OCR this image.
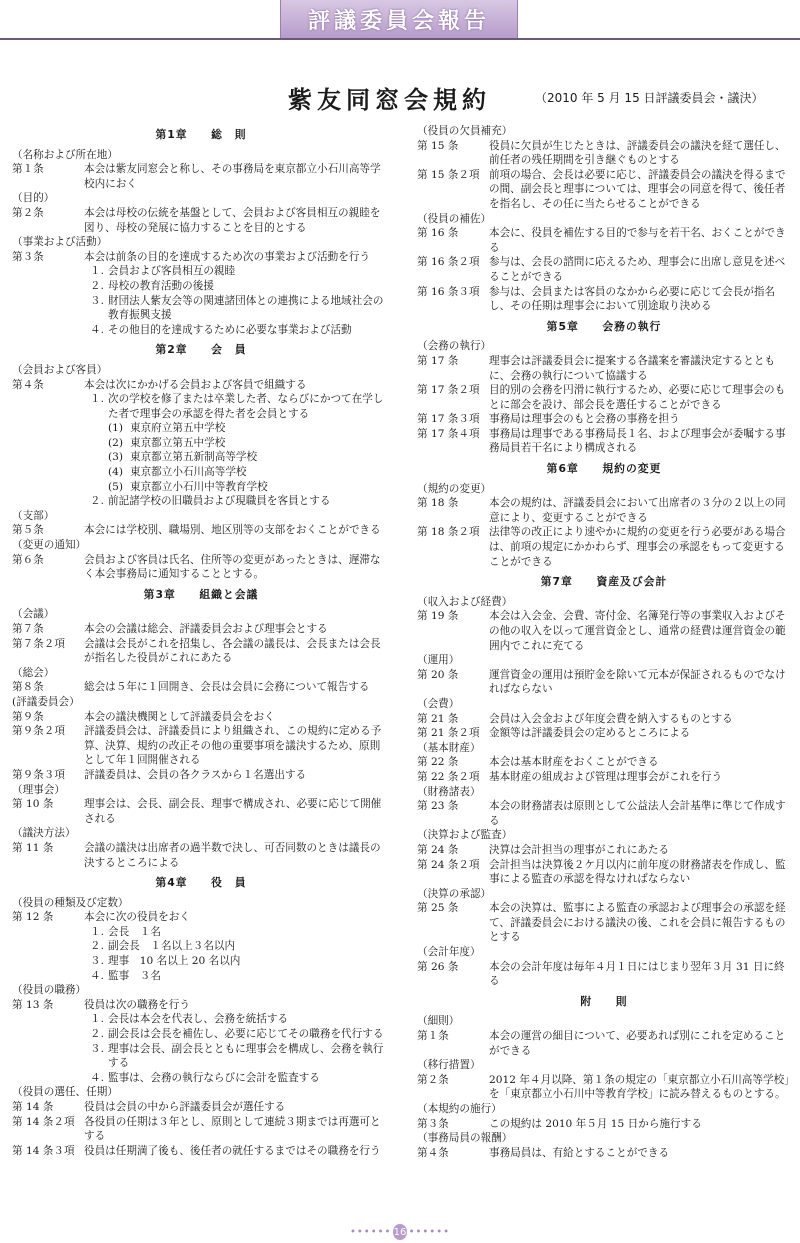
評議委員会報告
紫友同窓会規約	（2010 年 5 月 15 日評議委員会・議決）
第1章　　総　則
（名称および所在地）
第１条	本会は紫友同窓会と称し、その事務局を東京都立小石川高等学校内におく
（目的）
第２条	本会は母校の伝統を基盤として、会員および客員相互の親睦を図り、母校の発展に協力することを目的とする
（事業および活動）
第３条	本会は前条の目的を達成するため次の事業および活動を行う
１. 会員および客員相互の親睦
２. 母校の教育活動の後援
３. 財団法人紫友会等の関連諸団体との連携による地域社会の教育振興支援
４. その他目的を達成するために必要な事業および活動
第2章　　会　員
（会員および客員）
第４条	本会は次にかかげる会員および客員で組織する
１. 次の学校を修了または卒業した者、ならびにかつて在学した者で理事会の承認を得た者を会員とする
(1) 東京府立第五中学校
(2) 東京都立第五中学校
(3) 東京都立第五新制高等学校
(4) 東京都立小石川高等学校
(5) 東京都立小石川中等教育学校
２. 前記諸学校の旧職員および現職員を客員とする
（支部）
第５条	本会には学校別、職場別、地区別等の支部をおくことができる
（変更の通知）
第６条	会員および客員は氏名、住所等の変更があったときは、遅滞なく本会事務局に通知することとする。
第3章　　組織と会議
（会議）
第７条	本会の会議は総会、評議委員会および理事会とする
第７条２項	会議は会長がこれを招集し、各会議の議長は、会長または会長が指名した役員がこれにあたる
（総会）
第８条	総会は５年に１回開き、会長は会員に会務について報告する
(評議委員会）
第９条	本会の議決機関として評議委員会をおく
第９条２項	評議委員会は、評議委員により組織され、この規約に定める予算、決算、規約の改正その他の重要事項を議決するため、原則として年１回開催される
第９条３項	評議委員は、会員の各クラスから１名選出する
（理事会）
第 10 条	理事会は、会長、副会長、理事で構成され、必要に応じて開催される
（議決方法）
第 11 条	会議の議決は出席者の過半数で決し、可否同数のときは議長の決するところによる
第4章　　役　員
（役員の種類及び定数）
第 12 条	本会に次の役員をおく
１. 会長　１名
２. 副会長　１名以上３名以内
３. 理事　10 名以上 20 名以内
４. 監事　３名
（役員の職務）
第 13 条	役員は次の職務を行う
１. 会長は本会を代表し、会務を統括する
２. 副会長は会長を補佐し、必要に応じてその職務を代行する
３. 理事は会長、副会長とともに理事会を構成し、会務を執行する
４. 監事は、会務の執行ならびに会計を監査する
（役員の選任、任期）
第 14 条	役員は会員の中から評議委員会が選任する
第 14 条２項 各役員の任期は３年とし、原則として連続３期までは再選可とする
第 14 条３項 役員は任期満了後も、後任者の就任するまではその職務を行う
（役員の欠員補充）
第 15 条	役員に欠員が生じたときは、評議委員会の議決を経て選任し、前任者の残任期間を引き継ぐものとする
第 15 条２項 前項の場合、会長は必要に応じ、評議委員会の議決を得るまでの間、副会長と理事については、理事会の同意を得て、後任者を指名し、その任に当たらせることができる
（役員の補佐）
第 16 条	本会に、役員を補佐する目的で参与を若干名、おくことができる
第 16 条２項 参与は、会長の諮問に応えるため、理事会に出席し意見を述べることができる
第 16 条３項 参与は、会員または客員のなかから必要に応じて会長が指名し、その任期は理事会において別途取り決める
第5章　　会務の執行
（会務の執行）
第 17 条	理事会は評議委員会に提案する各議案を審議決定するとともに、会務の執行について協議する
第 17 条２項 目的別の会務を円滑に執行するため、必要に応じて理事会のもとに部会を設け、部会長を選任することができる
第 17 条３項 事務局は理事会のもと会務の事務を担う
第 17 条４項 事務局は理事である事務局長１名、および理事会が委嘱する事務局員若干名により構成される
第6章　　規約の変更
（規約の変更）
第 18 条	本会の規約は、評議委員会において出席者の３分の２以上の同意により、変更することができる
第 18 条２項 法律等の改正により速やかに規約の変更を行う必要がある場合は、前項の規定にかかわらず、理事会の承認をもって変更することができる
第7章　　資産及び会計
（収入および経費）
第 19 条	本会は入会金、会費、寄付金、名簿発行等の事業収入およびその他の収入を以って運営資金とし、通常の経費は運営資金の範囲内でこれに充てる
（運用）
第 20 条	運営資金の運用は預貯金を除いて元本が保証されるものでなければならない
（会費）
第 21 条	会員は入会金および年度会費を納入するものとする
第 21 条２項 金額等は評議委員会の定めるところによる
（基本財産）
第 22 条	本会は基本財産をおくことができる
第 22 条２項 基本財産の組成および管理は理事会がこれを行う
（財務諸表）
第 23 条	本会の財務諸表は原則として公益法人会計基準に準じて作成する
（決算および監査）
第 24 条	決算は会計担当の理事がこれにあたる
第 24 条２項 会計担当は決算後２ケ月以内に前年度の財務諸表を作成し、監事による監査の承認を得なければならない
（決算の承認）
第 25 条	本会の決算は、監事による監査の承認および理事会の承認を経て、評議委員会における議決の後、これを会員に報告するものとする
（会計年度）
第 26 条	本会の会計年度は毎年４月１日にはじまり翌年３月 31 日に終る
附　　則
（細則）
第１条	本会の運営の細目について、必要あれば別にこれを定めることができる
（移行措置）
第２条	2012 年４月以降、第１条の規定の「東京都立小石川高等学校」を「東京都立小石川中等教育学校」に読み替えるものとする。
（本規約の施行）
第３条	この規約は 2010 年５月 15 日から施行する
（事務局員の報酬）
第４条	事務局員は、有給とすることができる
•••••• 16 ••••••
